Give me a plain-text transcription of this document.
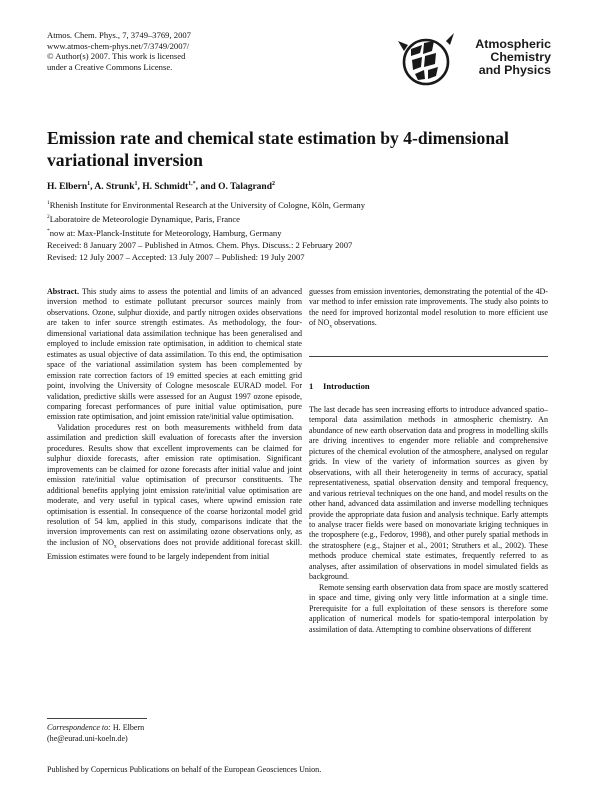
Atmos. Chem. Phys., 7, 3749–3769, 2007
www.atmos-chem-phys.net/7/3749/2007/
© Author(s) 2007. This work is licensed
under a Creative Commons License.
Atmospheric
Chemistry
and Physics
Emission rate and chemical state estimation by 4-dimensional
variational inversion
H. Elbern$^1$, A. Strunk$^1$, H. Schmidt$^{1,*}$, and O. Talagrand$^2$
$^1$Rhenish Institute for Environmental Research at the University of Cologne, Köln, Germany
$^2$Laboratoire de Meteorologie Dynamique, Paris, France
*now at: Max-Planck-Institute for Meteorology, Hamburg, Germany
Received: 8 January 2007 – Published in Atmos. Chem. Phys. Discuss.: 2 February 2007
Revised: 12 July 2007 – Accepted: 13 July 2007 – Published: 19 July 2007

Abstract. This study aims to assess the potential and limits of an advanced inversion method to estimate pollutant precursor sources mainly from observations. Ozone, sulphur dioxide, and partly nitrogen oxides observations are taken to infer source strength estimates. As methodology, the four-dimensional variational data assimilation technique has been generalised and employed to include emission rate optimisation, in addition to chemical state estimates as usual objective of data assimilation. To this end, the optimisation space of the variational assimilation system has been complemented by emission rate correction factors of 19 emitted species at each emitting grid point, involving the University of Cologne mesoscale EURAD model. For validation, predictive skills were assessed for an August 1997 ozone episode, comparing forecast performances of pure initial value optimisation, pure emission rate optimisation, and joint emission rate/initial value optimisation.

Validation procedures rest on both measurements withheld from data assimilation and prediction skill evaluation of forecasts after the inversion procedures. Results show that excellent improvements can be claimed for sulphur dioxide forecasts, after emission rate optimisation. Significant improvements can be claimed for ozone forecasts after initial value and joint emission rate/initial value optimisation of precursor constituents. The additional benefits applying joint emission rate/initial value optimisation are moderate, and very useful in typical cases, where upwind emission rate optimisation is essential. In consequence of the coarse horizontal model grid resolution of 54 km, applied in this study, comparisons indicate that the inversion improvements can rest on assimilating ozone observations only, as the inclusion of $NO_x$ observations does not provide additional forecast skill. Emission estimates were found to be largely independent from initial

guesses from emission inventories, demonstrating the potential of the 4D-var method to infer emission rate improvements. The study also points to the need for improved horizontal model resolution to more efficient use of $NO_x$ observations.

1 Introduction

The last decade has seen increasing efforts to introduce advanced spatio–temporal data assimilation methods in atmospheric chemistry. An abundance of new earth observation data and progress in modelling skills are driving incentives to engender more reliable and comprehensive pictures of the chemical evolution of the atmosphere, analysed on regular grids. In view of the variety of information sources as given by observations, with all their heterogeneity in terms of accuracy, spatial representativeness, spatial observation density and temporal frequency, and various retrieval techniques on the one hand, and model results on the other hand, advanced data assimilation and inverse modelling techniques provide the appropriate data fusion and analysis technique. Early attempts to analyse tracer fields were based on monovariate kriging techniques in the troposphere (e.g., Fedorov, 1998), and other purely spatial methods in the stratosphere (e.g., Stajner et al., 2001; Struthers et al., 2002). These methods produce chemical state estimates, frequently referred to as analyses, after assimilation of observations in model simulated fields as background.

Remote sensing earth observation data from space are mostly scattered in space and time, giving only very little information at a single time. Prerequisite for a full exploitation of these sensors is therefore some application of numerical models for spatio-temporal interpolation by assimilation of data. Attempting to combine observations of different

Correspondence to: H. Elbern
(he@eurad.uni-koeln.de)
Published by Copernicus Publications on behalf of the European Geosciences Union.
